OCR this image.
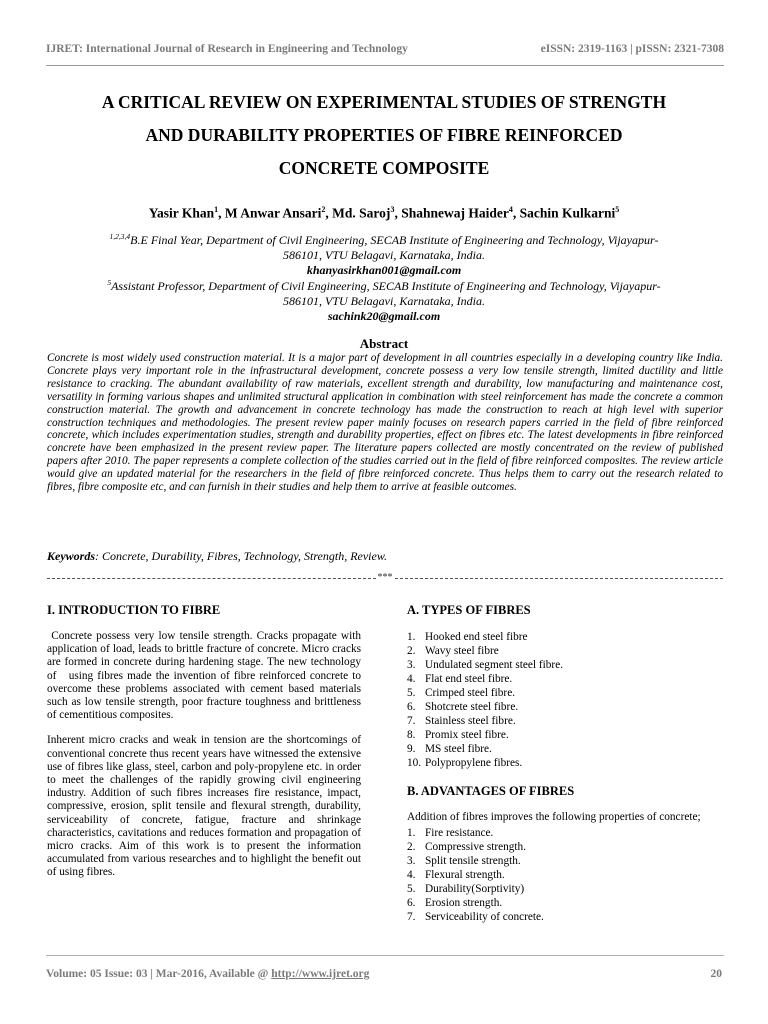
IJRET: International Journal of Research in Engineering and Technology	eISSN: 2319-1163 | pISSN: 2321-7308
A CRITICAL REVIEW ON EXPERIMENTAL STUDIES OF STRENGTH
AND DURABILITY PROPERTIES OF FIBRE REINFORCED
CONCRETE COMPOSITE
Yasir Khan$^1$, M Anwar Ansari$^2$, Md. Saroj$^3$, Shahnewaj Haider$^4$, Sachin Kulkarni$^5$
$^{1,2,3,4}$B.E Final Year, Department of Civil Engineering, SECAB Institute of Engineering and Technology, Vijayapur-
586101, VTU Belagavi, Karnataka, India.
khanyasirkhan001@gmail.com
$^5$Assistant Professor, Department of Civil Engineering, SECAB Institute of Engineering and Technology, Vijayapur-
586101, VTU Belagavi, Karnataka, India.
sachink20@gmail.com
Abstract
Concrete is most widely used construction material. It is a major part of development in all countries especially in a developing country like India. Concrete plays very important role in the infrastructural development, concrete possess a very low tensile strength, limited ductility and little resistance to cracking. The abundant availability of raw materials, excellent strength and durability, low manufacturing and maintenance cost, versatility in forming various shapes and unlimited structural application in combination with steel reinforcement has made the concrete a common construction material. The growth and advancement in concrete technology has made the construction to reach at high level with superior construction techniques and methodologies. The present review paper mainly focuses on research papers carried in the field of fibre reinforced concrete, which includes experimentation studies, strength and durability properties, effect on fibres etc. The latest developments in fibre reinforced concrete have been emphasized in the present review paper. The literature papers collected are mostly concentrated on the review of published papers after 2010. The paper represents a complete collection of the studies carried out in the field of fibre reinforced composites. The review article would give an updated material for the researchers in the field of fibre reinforced concrete. Thus helps them to carry out the research related to fibres, fibre composite etc, and can furnish in their studies and help them to arrive at feasible outcomes.
Keywords: Concrete, Durability, Fibres, Technology, Strength, Review.
***
I. INTRODUCTION TO FIBRE

Concrete possess very low tensile strength. Cracks propagate with application of load, leads to brittle fracture of concrete. Micro cracks are formed in concrete during hardening stage. The new technology of   using fibres made the invention of fibre reinforced concrete to overcome these problems associated with cement based materials such as low tensile strength, poor fracture toughness and brittleness of cementitious composites.

Inherent micro cracks and weak in tension are the shortcomings of conventional concrete thus recent years have witnessed the extensive use of fibres like glass, steel, carbon and poly-propylene etc. in order to meet the challenges of the rapidly growing civil engineering industry. Addition of such fibres increases fire resistance, impact, compressive, erosion, split tensile and flexural strength, durability, serviceability of concrete, fatigue, fracture and shrinkage characteristics, cavitations and reduces formation and propagation of micro cracks. Aim of this work is to present the information accumulated from various researches and to highlight the benefit out of using fibres.

A. TYPES OF FIBRES
1. Hooked end steel fibre
2. Wavy steel fibre
3. Undulated segment steel fibre.
4. Flat end steel fibre.
5. Crimped steel fibre.
6. Shotcrete steel fibre.
7. Stainless steel fibre.
8. Promix steel fibre.
9. MS steel fibre.
10. Polypropylene fibres.
B. ADVANTAGES OF FIBRES

Addition of fibres improves the following properties of concrete;

1. Fire resistance.
2. Compressive strength.
3. Split tensile strength.
4. Flexural strength.
5. Durability(Sorptivity)
6. Erosion strength.
7. Serviceability of concrete.
Volume: 05 Issue: 03 | Mar-2016, Available @ http://www.ijret.org	20
